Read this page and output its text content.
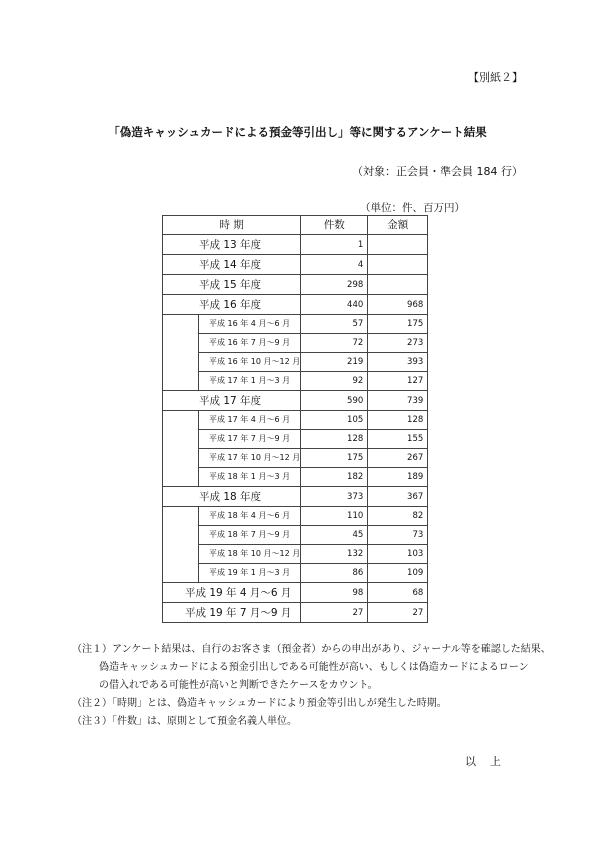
【別紙２】
「偽造キャッシュカードによる預金等引出し」等に関するアンケート結果
（対象：正会員・準会員 184 行）
（単位：件、百万円）
時 期		件数	金額
平成 13 年度		1	
平成 14 年度		4	
平成 15 年度		298	
平成 16 年度		440	968
	平成 16 年 4 月～6 月	57	175
	平成 16 年 7 月～9 月	72	273
	平成 16 年 10 月～12 月	219	393
	平成 17 年 1 月～3 月	92	127
平成 17 年度		590	739
	平成 17 年 4 月～6 月	105	128
	平成 17 年 7 月～9 月	128	155
	平成 17 年 10 月～12 月	175	267
	平成 18 年 1 月～3 月	182	189
平成 18 年度		373	367
	平成 18 年 4 月～6 月	110	82
	平成 18 年 7 月～9 月	45	73
	平成 18 年 10 月～12 月	132	103
	平成 19 年 1 月～3 月	86	109
平成 19 年 4 月～6 月		98	68
平成 19 年 7 月～9 月		27	27
（注１）アンケート結果は、自行のお客さま（預金者）からの申出があり、ジャーナル等を確認した結果、
偽造キャッシュカードによる預金引出しである可能性が高い、もしくは偽造カードによるローン
の借入れである可能性が高いと判断できたケースをカウント。
（注２）「時期」とは、偽造キャッシュカードにより預金等引出しが発生した時期。
（注３）「件数」は、原則として預金名義人単位。
以上
